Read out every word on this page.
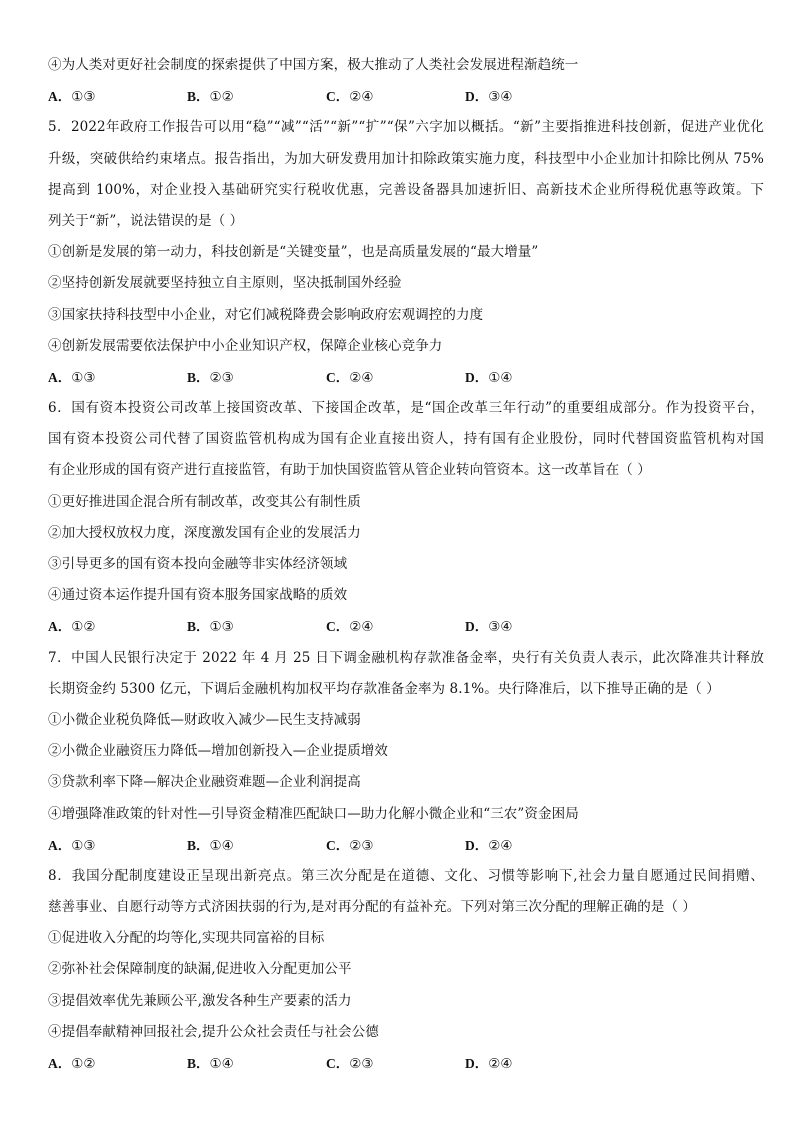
④为人类对更好社会制度的探索提供了中国方案，极大推动了人类社会发展进程渐趋统一
A．①③	B．①②	C．②④	D．③④
5．2022年政府工作报告可以用“稳”“减”“活”“新”“扩”“保”六字加以概括。“新”主要指推进科技创新，促进产业优化
升级，突破供给约束堵点。报告指出，为加大研发费用加计扣除政策实施力度，科技型中小企业加计扣除比例从 75%
提高到 100%，对企业投入基础研究实行税收优惠，完善设备器具加速折旧、高新技术企业所得税优惠等政策。下
列关于“新”，说法错误的是（ ）
①创新是发展的第一动力，科技创新是“关键变量”，也是高质量发展的“最大增量”
②坚持创新发展就要坚持独立自主原则，坚决抵制国外经验
③国家扶持科技型中小企业，对它们减税降费会影响政府宏观调控的力度
④创新发展需要依法保护中小企业知识产权，保障企业核心竞争力
A．①③	B．②③	C．②④	D．①④
6．国有资本投资公司改革上接国资改革、下接国企改革，是“国企改革三年行动”的重要组成部分。作为投资平台，
国有资本投资公司代替了国资监管机构成为国有企业直接出资人，持有国有企业股份，同时代替国资监管机构对国
有企业形成的国有资产进行直接监管，有助于加快国资监管从管企业转向管资本。这一改革旨在（ ）
①更好推进国企混合所有制改革，改变其公有制性质
②加大授权放权力度，深度激发国有企业的发展活力
③引导更多的国有资本投向金融等非实体经济领域
④通过资本运作提升国有资本服务国家战略的质效
A．①②	B．①③	C．②④	D．③④
7．中国人民银行决定于 2022 年 4 月 25 日下调金融机构存款准备金率，央行有关负责人表示，此次降准共计释放
长期资金约 5300 亿元，下调后金融机构加权平均存款准备金率为 8.1%。央行降准后，以下推导正确的是（ ）
①小微企业税负降低—财政收入减少—民生支持减弱
②小微企业融资压力降低—增加创新投入—企业提质增效
③贷款利率下降—解决企业融资难题—企业利润提高
④增强降准政策的针对性—引导资金精准匹配缺口—助力化解小微企业和“三农”资金困局
A．①③	B．①④	C．②③	D．②④
8．我国分配制度建设正呈现出新亮点。第三次分配是在道德、文化、习惯等影响下,社会力量自愿通过民间捐赠、
慈善事业、自愿行动等方式济困扶弱的行为,是对再分配的有益补充。下列对第三次分配的理解正确的是（ ）
①促进收入分配的均等化,实现共同富裕的目标
②弥补社会保障制度的缺漏,促进收入分配更加公平
③提倡效率优先兼顾公平,激发各种生产要素的活力
④提倡奉献精神回报社会,提升公众社会责任与社会公德
A．①②	B．①④	C．②③	D．②④
